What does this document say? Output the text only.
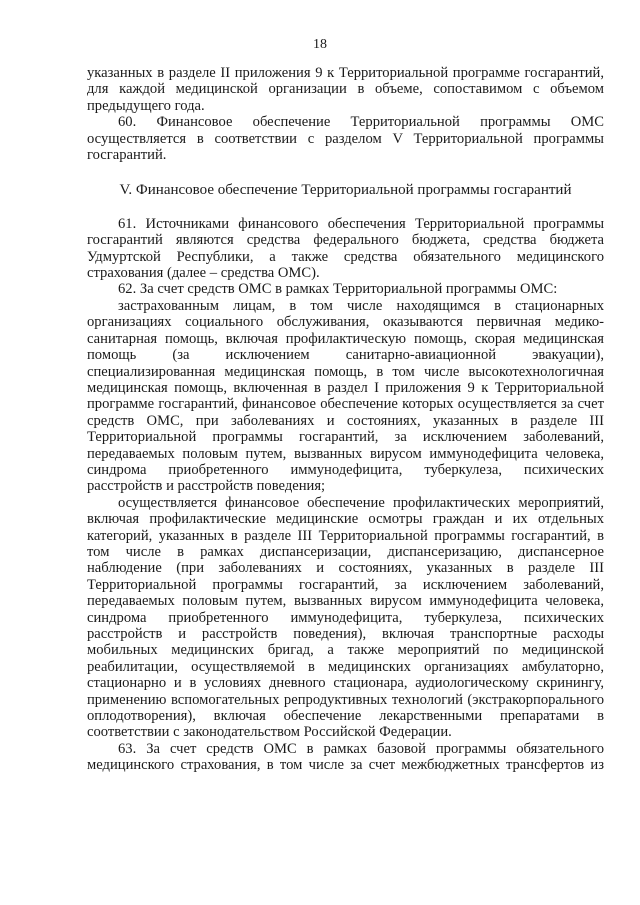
18

указанных в разделе II приложения 9 к Территориальной программе госгарантий, для каждой медицинской организации в объеме, сопоставимом с объемом предыдущего года.

60. Финансовое обеспечение Территориальной программы ОМС осуществляется в соответствии с разделом V Территориальной программы госгарантий.

V. Финансовое обеспечение Территориальной программы госгарантий

61. Источниками финансового обеспечения Территориальной программы госгарантий являются средства федерального бюджета, средства бюджета Удмуртской Республики, а также средства обязательного медицинского страхования (далее – средства ОМС).

62. За счет средств ОМС в рамках Территориальной программы ОМС:

застрахованным лицам, в том числе находящимся в стационарных организациях социального обслуживания, оказываются первичная медико-санитарная помощь, включая профилактическую помощь, скорая медицинская помощь (за исключением санитарно-авиационной эвакуации), специализированная медицинская помощь, в том числе высокотехнологичная медицинская помощь, включенная в раздел I приложения 9 к Территориальной программе госгарантий, финансовое обеспечение которых осуществляется за счет средств ОМС, при заболеваниях и состояниях, указанных в разделе III Территориальной программы госгарантий, за исключением заболеваний, передаваемых половым путем, вызванных вирусом иммунодефицита человека, синдрома приобретенного иммунодефицита, туберкулеза, психических расстройств и расстройств поведения;

осуществляется финансовое обеспечение профилактических мероприятий, включая профилактические медицинские осмотры граждан и их отдельных категорий, указанных в разделе III Территориальной программы госгарантий, в том числе в рамках диспансеризации, диспансеризацию, диспансерное наблюдение (при заболеваниях и состояниях, указанных в разделе III Территориальной программы госгарантий, за исключением заболеваний, передаваемых половым путем, вызванных вирусом иммунодефицита человека, синдрома приобретенного иммунодефицита, туберкулеза, психических расстройств и расстройств поведения), включая транспортные расходы мобильных медицинских бригад, а также мероприятий по медицинской реабилитации, осуществляемой в медицинских организациях амбулаторно, стационарно и в условиях дневного стационара, аудиологическому скринингу, применению вспомогательных репродуктивных технологий (экстракорпорального оплодотворения), включая обеспечение лекарственными препаратами в соответствии с законодательством Российской Федерации.

63. За счет средств ОМС в рамках базовой программы обязательного медицинского страхования, в том числе за счет межбюджетных трансфертов из
